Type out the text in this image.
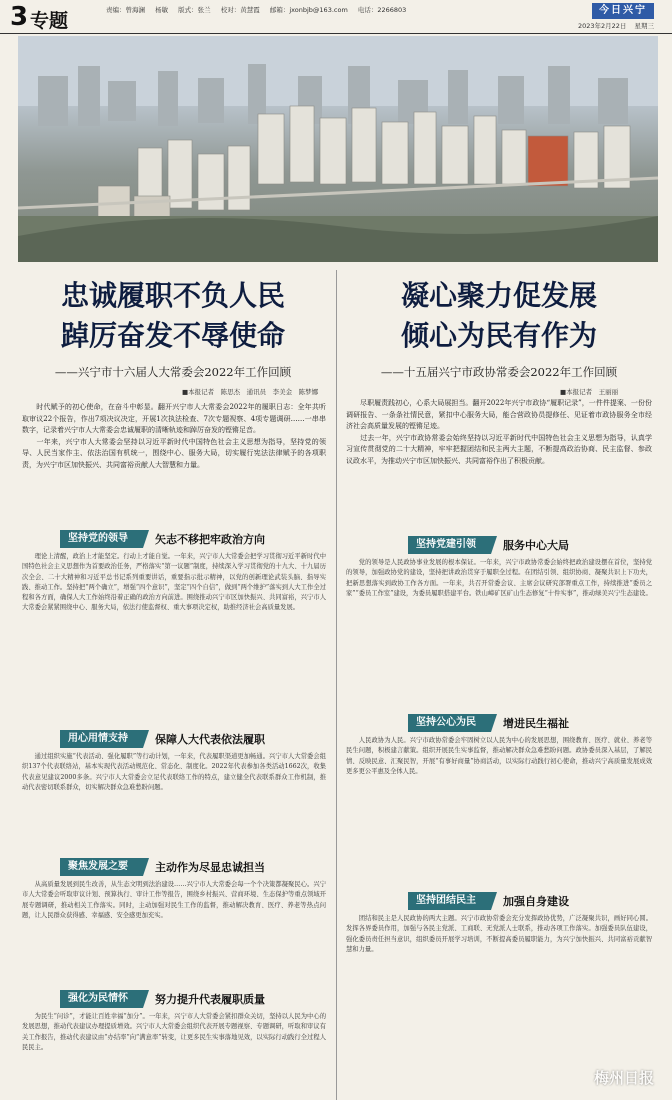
3 专题	责编：曾海澜 杨敏 版式：张兰 校对：黄慧霞 邮箱：jxonbjb@163.com 电话：2266803	今日兴宁
2023年2月22日 星期三
忠诚履职不负人民
踔厉奋发不辱使命
——兴宁市十六届人大常委会2022年工作回顾
■本报记者　陈思杰　通讯员　李美金　陈梦娜
　　时代赋予的初心使命，在奋斗中彰显。翻开兴宁市人大常委会2022年的履职日志：全年共听取审议22个报告，作出7项决议决定，开展1次执法检查、7次专题视察、4项专题调研……一串串数字，记录着兴宁市人大常委会忠诚履职的清晰轨迹和踔厉奋发的铿锵足音。
　　一年来，兴宁市人大常委会坚持以习近平新时代中国特色社会主义思想为指导，坚持党的领导、人民当家作主、依法治国有机统一，围绕中心、服务大局，切实履行宪法法律赋予的各项职责，为兴宁市区加快振兴、共同富裕贡献人大智慧和力量。
坚持党的领导	矢志不移把牢政治方向
　　理论上清醒，政治上才能坚定。行动上才能自觉。一年来，兴宁市人大常委会把学习贯彻习近平新时代中国特色社会主义思想作为首要政治任务，严格落实“第一议题”制度，持续深入学习贯彻党的十九大、十九届历次全会、二十大精神和习近平总书记系列重要讲话，重要指示批示精神，以党的创新理论武装头脑、指导实践、推动工作。坚持把“两个确立”，增强“四个意识”，坚定“四个自信”，做到“两个维护”落实到人大工作全过程和各方面，确保人大工作始终沿着正确的政治方向前进。围绕推动兴宁市区加快振兴、共同富裕，兴宁市人大常委会紧紧围绕中心、服务大局，依法行使监督权、重大事项决定权，助推经济社会高质量发展。
用心用情支持	保障人大代表依法履职
　　通过组织实施“代表活动、强化履职”等行动计划，一年来，代表履职渠道更加畅通。兴宁市人大常委会组织137个代表联络站，基本实现代表活动规范化、常态化、制度化。2022年代表参加各类活动1662次，收集代表意见建议2000多条。兴宁市人大常委会立足代表联络工作的特点，建立健全代表联系群众工作机制，推动代表密切联系群众，切实解决群众急难愁盼问题。
聚焦发展之要	主动作为尽显忠诚担当
　　从高质量发展到民生改善，从生态文明到法治建设……兴宁市人大常委会每一个个决策都凝聚民心。兴宁市人大常委会听取审议计划、预算执行、审计工作等报告，围绕乡村振兴、营商环境、生态保护等重点领域开展专题调研，推动相关工作落实。同时，主动加强对民生工作的监督，推动解决教育、医疗、养老等热点问题，让人民群众获得感、幸福感、安全感更加充实。
强化为民情怀	努力提升代表履职质量
　　为民生“问诊”，才能让百姓幸福“加分”。一年来，兴宁市人大常委会紧扣群众关切，坚持以人民为中心的发展思想，推动代表建议办理提质增效。兴宁市人大常委会组织代表开展专题视察、专题调研，听取和审议有关工作报告，推动代表建议由“办结率”向“满意率”转变，让更多民生实事落地见效，以实际行动践行全过程人民民主。
凝心聚力促发展
倾心为民有作为
——十五届兴宁市政协常委会2022年工作回顾
■本报记者　王丽丽
　　尽职履责践初心，心系大局展担当。翻开2022年兴宁市政协“履职记录”，一件件提案、一份份调研报告、一条条社情民意，紧扣中心服务大局，能合营政协员提修任、见证着市政协服务全市经济社会高质量发展的铿锵足迹。
　　过去一年，兴宁市政协常委会始终坚持以习近平新时代中国特色社会主义思想为指导，认真学习宣传贯彻党的二十大精神，牢牢把握团结和民主两大主题，不断提高政治协商、民主监督、参政议政水平，为推动兴宁市区加快振兴、共同富裕作出了积极贡献。
坚持党建引领	服务中心大局
　　党的领导是人民政协事业发展的根本保证。一年来，兴宁市政协常委会始终把政治建设摆在首位，坚持党的领导，加强政协党的建设，坚持把讲政治贯穿于履职全过程。在团结引领、组织协商、凝聚共识上下功夫，把新思想落实到政协工作各方面。一年来，共召开常委会议、主席会议研究部署重点工作，持续推进“委员之家”“委员工作室”建设，为委员履职搭建平台。铁山嶂矿区矿山生态修复“十件实事”，推动绿美兴宁生态建设。
坚持公心为民	增进民生福祉
　　人民政协为人民。兴宁市政协常委会牢固树立以人民为中心的发展思想，围绕教育、医疗、就业、养老等民生问题，积极建言献策。组织开展民生实事监督，推动解决群众急难愁盼问题。政协委员深入基层，了解民情、反映民意、汇聚民智，开展“有事好商量”协商活动，以实际行动践行初心使命，推动兴宁高质量发展成效更多更公平惠及全体人民。
坚持团结民主	加强自身建设
　　团结和民主是人民政协的两大主题。兴宁市政协常委会充分发挥政协优势，广泛凝聚共识，画好同心圆。发挥各界委员作用，加强与各民主党派、工商联、无党派人士联系，推动各项工作落实。加强委员队伍建设，强化委员责任担当意识，组织委员开展学习培训，不断提高委员履职能力，为兴宁加快振兴、共同富裕贡献智慧和力量。
梅州日报
